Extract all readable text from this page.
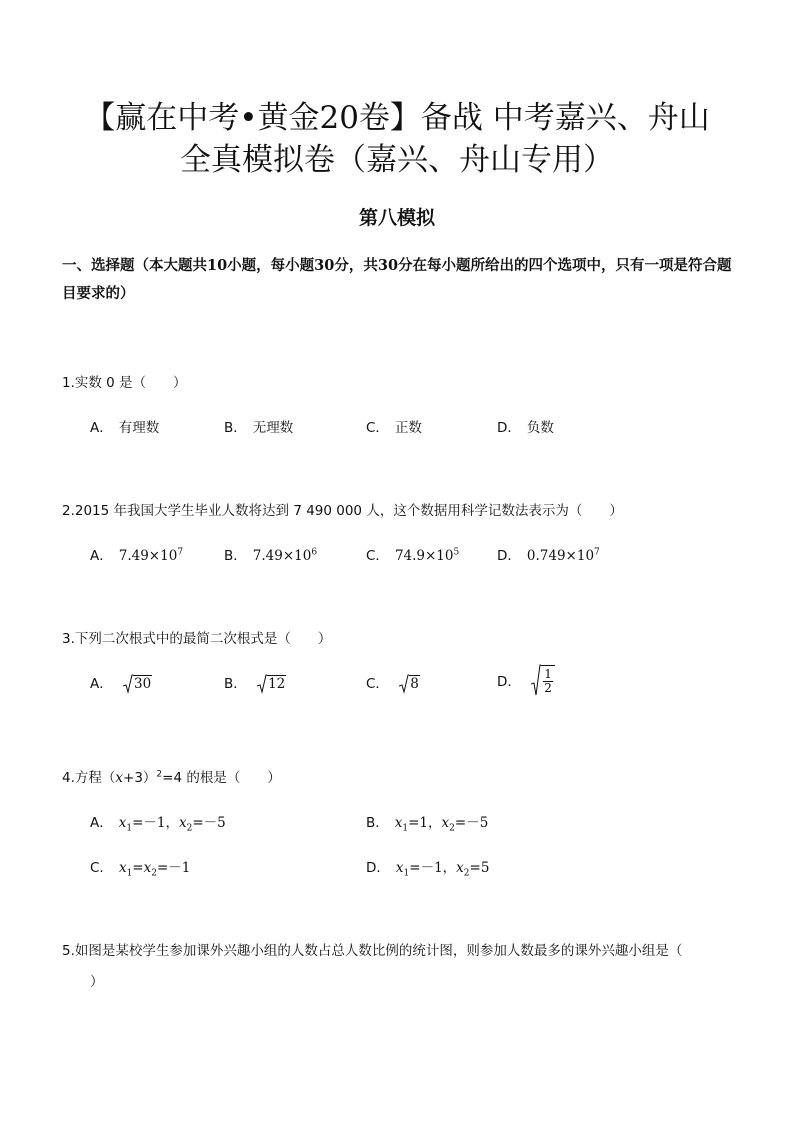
【赢在中考•黄金20卷】备战 中考嘉兴、舟山
全真模拟卷（嘉兴、舟山专用）
第八模拟
一、选择题（本大题共10小题，每小题30分，共30分在每小题所给出的四个选项中，只有一项是符合题目要求的）
1.实数 0 是（　　）
A． 有理数	B． 无理数	C． 正数	D． 负数
2.2015 年我国大学生毕业人数将达到 7 490 000 人，这个数据用科学记数法表示为（　　）
A． $7.49\times 10^7$	B． $7.49\times 10^6$	C． $74.9\times 10^5$	D． $0.749\times 10^7$
3.下列二次根式中的最简二次根式是（　　）
A． 30	B． 12	C． 8	D． $\frac{1}{2}$
4.方程$(x+3)^2=4$ 的根是（　　）
A． $x_1=-1$，$x_2=-5$	B． $x_1=1$，$x_2=-5$
C． $x_1=x_2=-1$	D． $x_1=-1$，$x_2=5$
5.如图是某校学生参加课外兴趣小组的人数占总人数比例的统计图，则参加人数最多的课外兴趣小组是（
）
